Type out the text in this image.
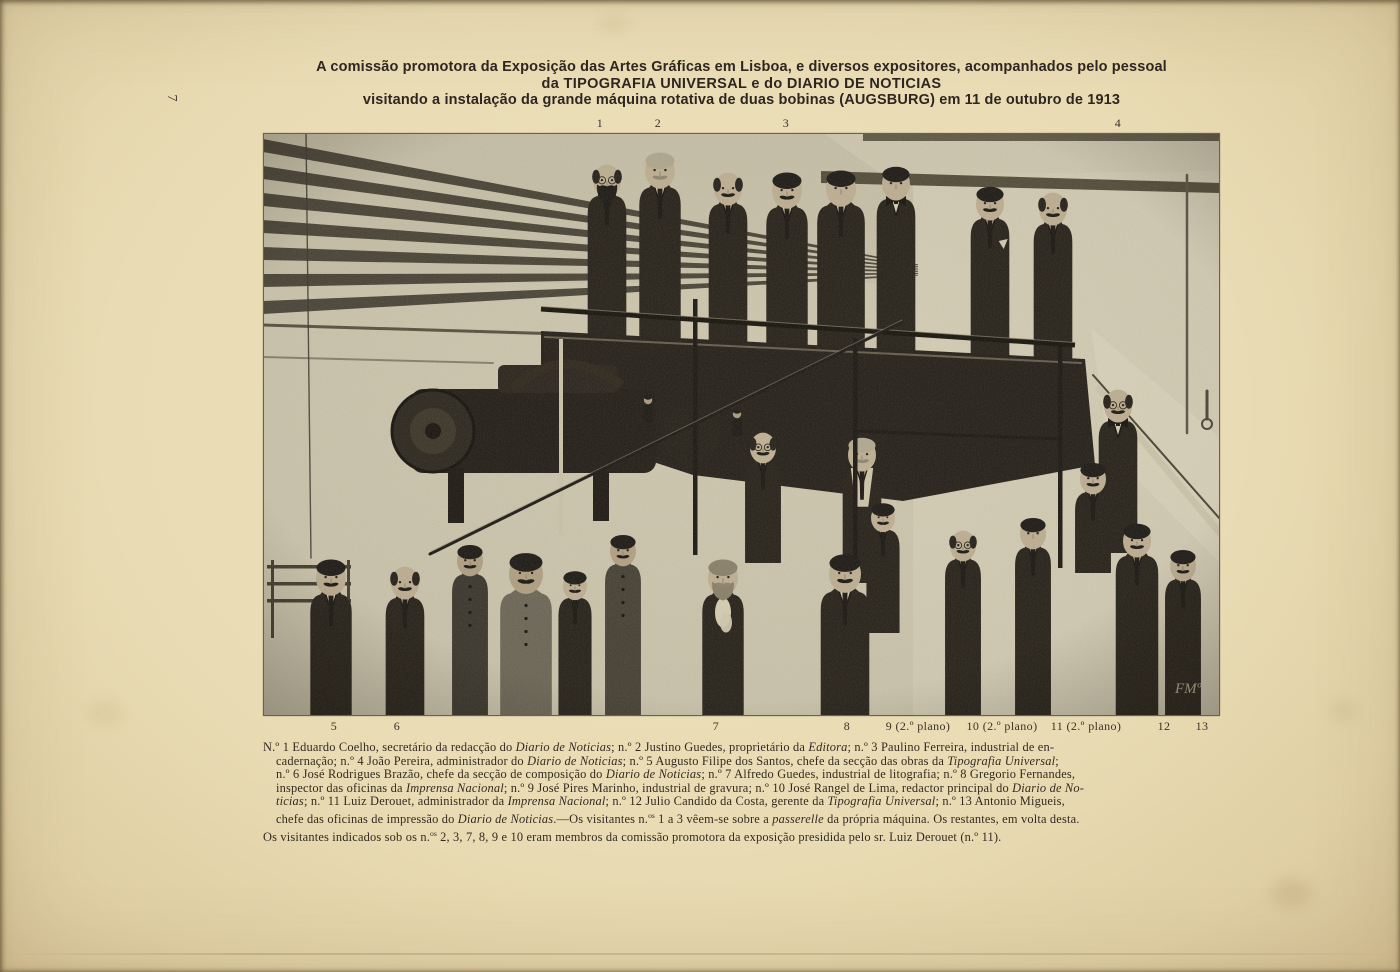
7
A comissão promotora da Exposição das Artes Gráficas em Lisboa, e diversos expositores, acompanhados pelo pessoal
da TIPOGRAFIA UNIVERSAL e do DIARIO DE NOTICIAS
visitando a instalação da grande máquina rotativa de duas bobinas (AUGSBURG) em 11 de outubro de 1913
1	2	3	4
5	6	7	8	9 (2.º plano) 10 (2.º plano) 11 (2.º plano)	12 13
N.º 1 Eduardo Coelho, secretário da redacção do Diario de Noticias; n.º 2 Justino Guedes, proprietário da Editora; n.º 3 Paulino Ferreira, industrial de en-
cadernação; n.º 4 João Pereira, administrador do Diario de Noticias; n.º 5 Augusto Filipe dos Santos, chefe da secção das obras da Tipografia Universal;
n.º 6 José Rodrigues Brazão, chefe da secção de composição do Diario de Noticias; n.º 7 Alfredo Guedes, industrial de litografia; n.º 8 Gregorio Fernandes,
inspector das oficinas da Imprensa Nacional; n.º 9 José Pires Marinho, industrial de gravura; n.º 10 José Rangel de Lima, redactor principal do Diario de No-
ticias; n.º 11 Luiz Derouet, administrador da Imprensa Nacional; n.º 12 Julio Candido da Costa, gerente da Tipografia Universal; n.º 13 Antonio Migueis,
chefe das oficinas de impressão do Diario de Noticias.—Os visitantes n.$^{os}$ 1 a 3 vêem-se sobre a passerelle da própria máquina. Os restantes, em volta desta.
Os visitantes indicados sob os n.$^{os}$ 2, 3, 7, 8, 9 e 10 eram membros da comissão promotora da exposição presidida pelo sr. Luiz Derouet (n.º 11).
